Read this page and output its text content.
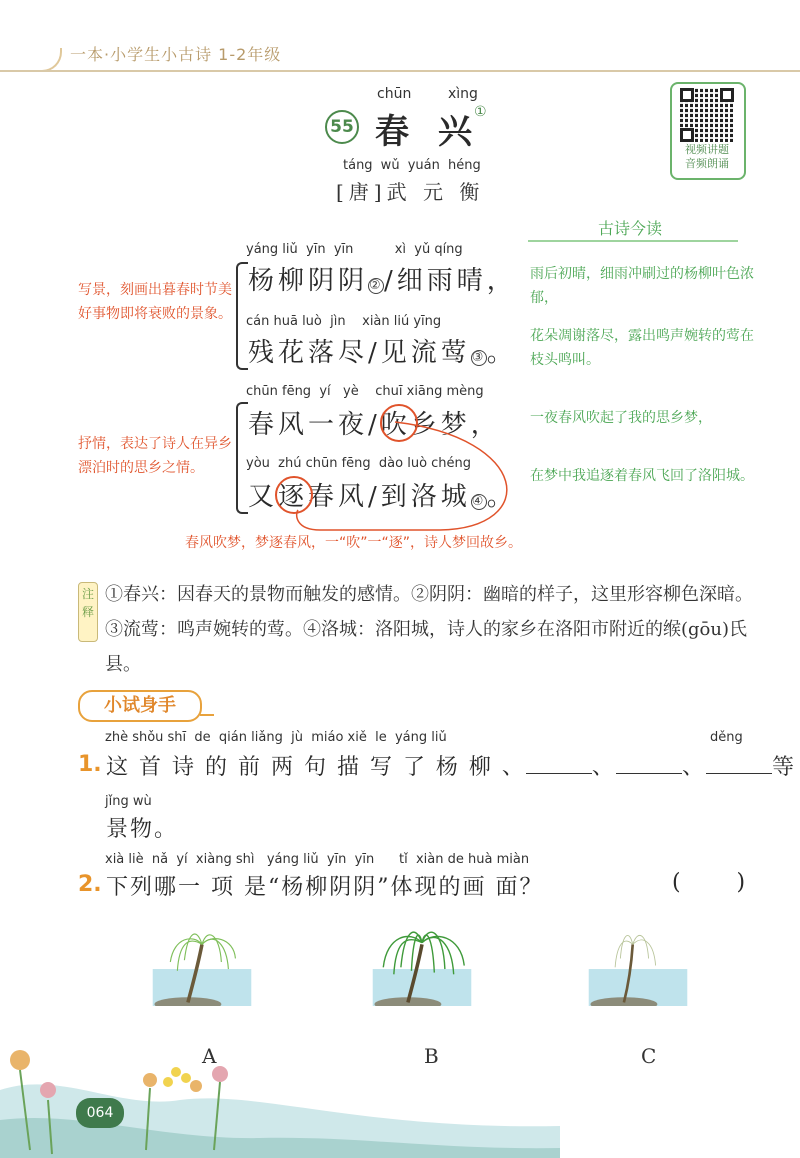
一本·小学生小古诗 1-2年级
55
chūn	xìng
春 兴 ①
táng wǔ yuán héng
[唐]武 元 衡
视频讲题
音频朗诵
写景，刻画出暮春时节美好事物即将衰败的景象。
抒情，表达了诗人在异乡漂泊时的思乡之情。
yáng liǔ  yīn  yīn          xì  yǔ qíng
杨柳阴阴②/细雨晴，
cán huā luò  jìn    xiàn liú yīng
残花落尽/见流莺③。
chūn fēng  yí   yè    chuī xiāng mèng
春风一夜/吹乡梦，
yòu  zhú chūn fēng  dào luò chéng
又逐春风/到洛城④。
古诗今读
雨后初晴，细雨冲刷过的杨柳叶色浓郁，
花朵凋谢落尽，露出鸣声婉转的莺在枝头鸣叫。
一夜春风吹起了我的思乡梦，
在梦中我追逐着春风飞回了洛阳城。
春风吹梦，梦逐春风，一“吹”一“逐”，诗人梦回故乡。
注释
①春兴：因春天的景物而触发的感情。②阴阴：幽暗的样子，这里形容柳色深暗。③流莺：鸣声婉转的莺。④洛城：洛阳城，诗人的家乡在洛阳市附近的缑(gōu)氏县。
小试身手
zhè shǒu shī  de  qián liǎng  jù  miáo xiě  le  yáng liǔ	děng
1. 这 首 诗 的 前 两 句 描 写 了 杨 柳 、	、	、	等
jǐng wù
景物。
xià liè  nǎ  yí  xiàng shì   yáng liǔ  yīn  yīn      tǐ  xiàn de huà miàn
2. 下列哪一 项 是“杨柳阴阴”体现的画 面？	(      )
A	B	C
064
